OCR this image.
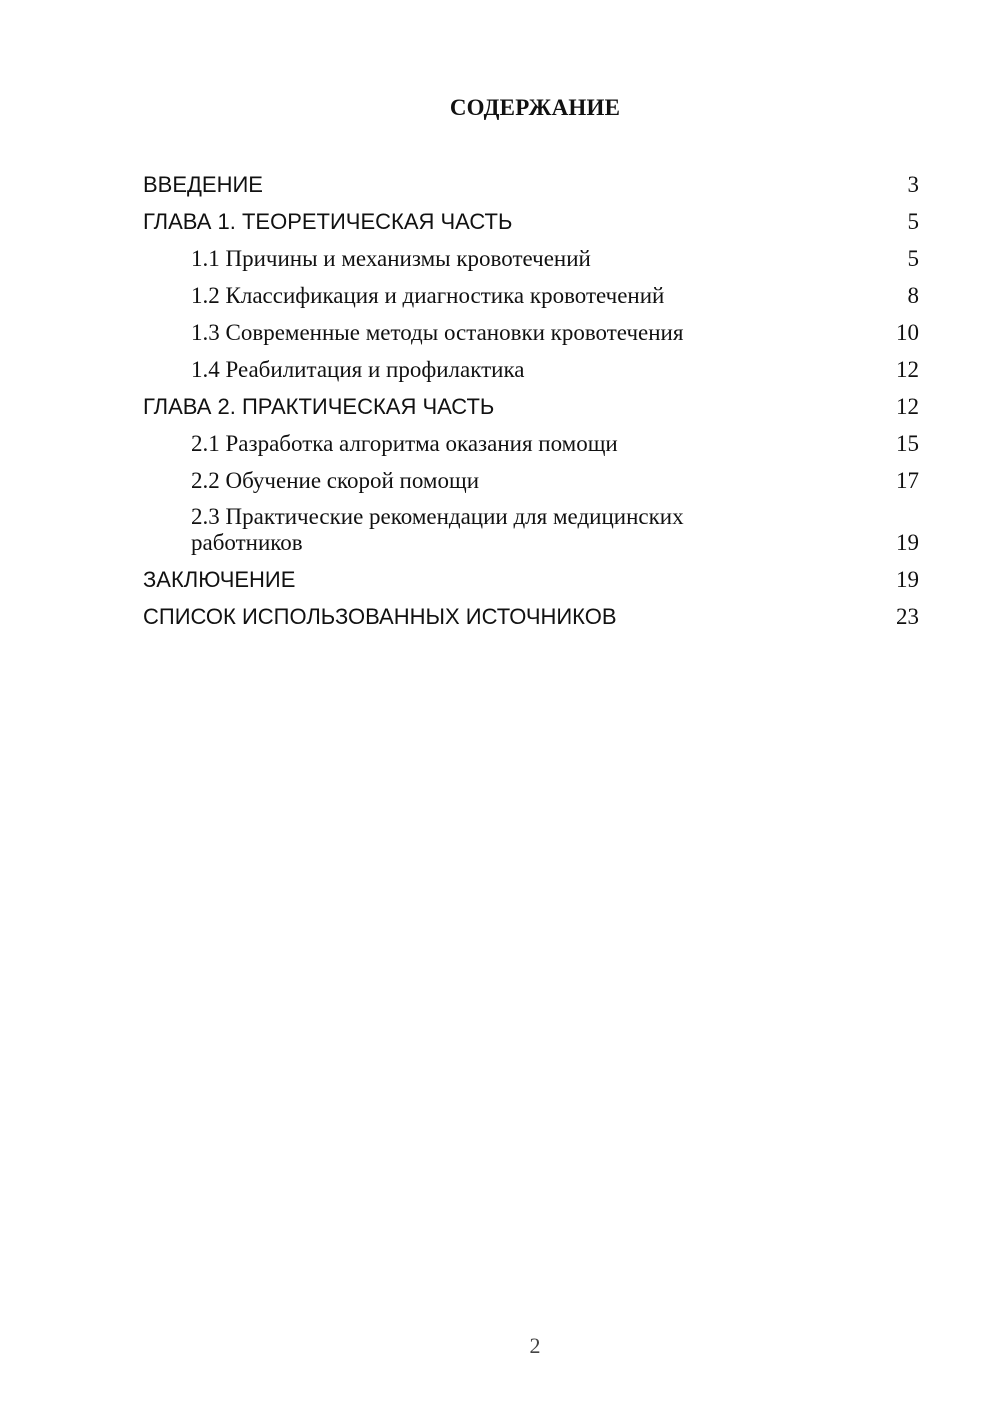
СОДЕРЖАНИЕ
ВВЕДЕНИЕ	3
ГЛАВА 1. ТЕОРЕТИЧЕСКАЯ ЧАСТЬ	5
1.1 Причины и механизмы кровотечений	5
1.2 Классификация и диагностика кровотечений	8
1.3 Современные методы остановки кровотечения	10
1.4 Реабилитация и профилактика	12
ГЛАВА 2. ПРАКТИЧЕСКАЯ ЧАСТЬ	12
2.1 Разработка алгоритма оказания помощи	15
2.2 Обучение скорой помощи	17
2.3 Практические рекомендации для медицинских работников	19
ЗАКЛЮЧЕНИЕ	19
СПИСОК ИСПОЛЬЗОВАННЫХ ИСТОЧНИКОВ	23
2
